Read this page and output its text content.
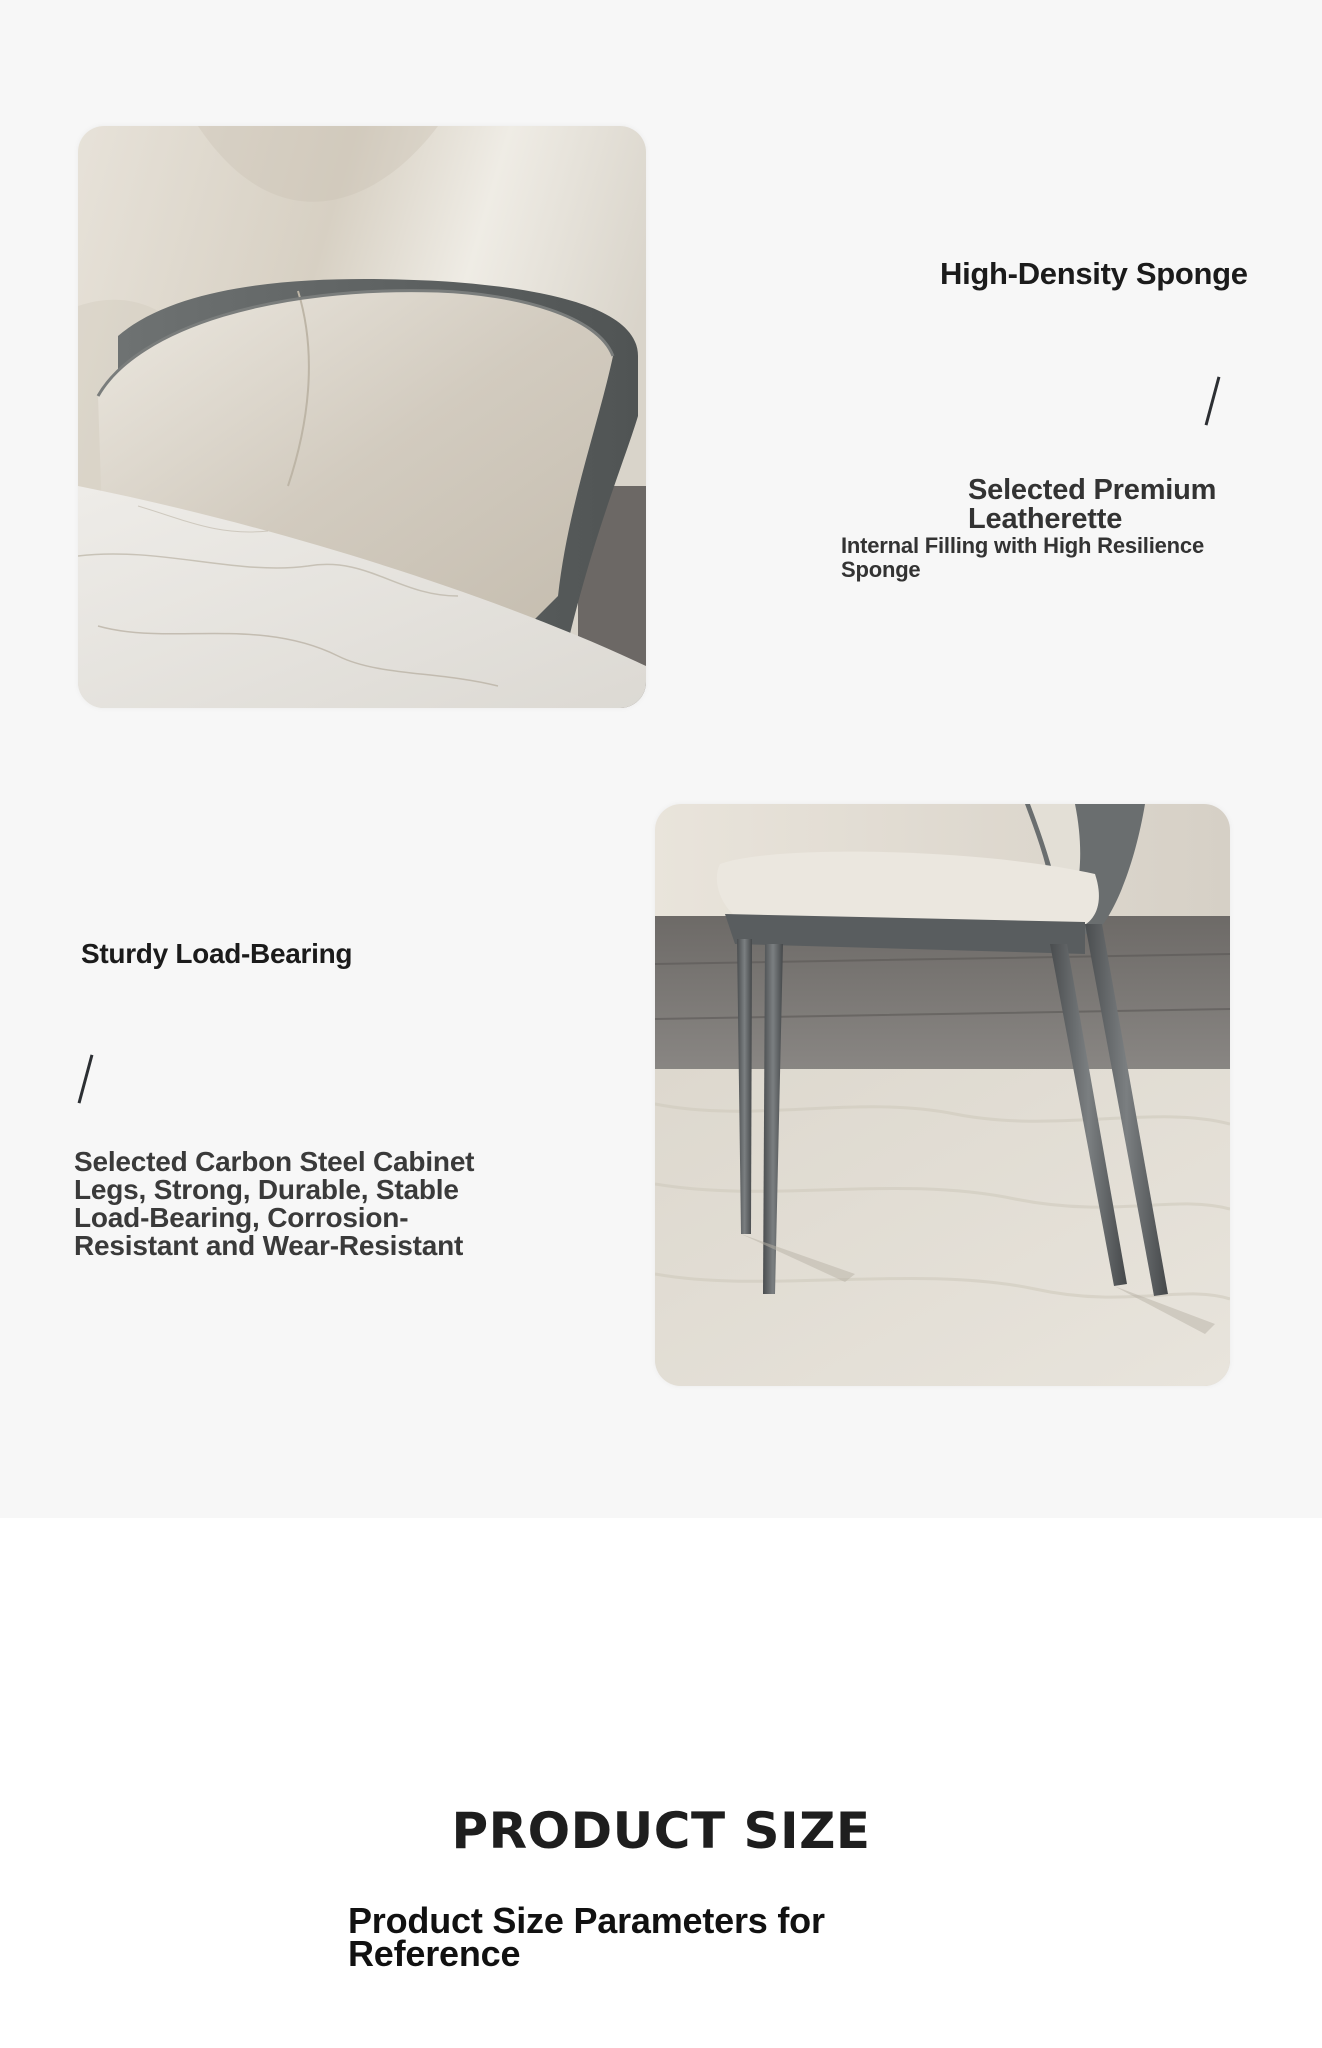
High-Density Sponge
Selected Premium Leatherette
Internal Filling with High Resilience Sponge
Sturdy Load-Bearing
Selected Carbon Steel Cabinet Legs, Strong, Durable, Stable Load-Bearing, Corrosion-Resistant and Wear-Resistant
PRODUCT SIZE
Product Size Parameters for Reference
